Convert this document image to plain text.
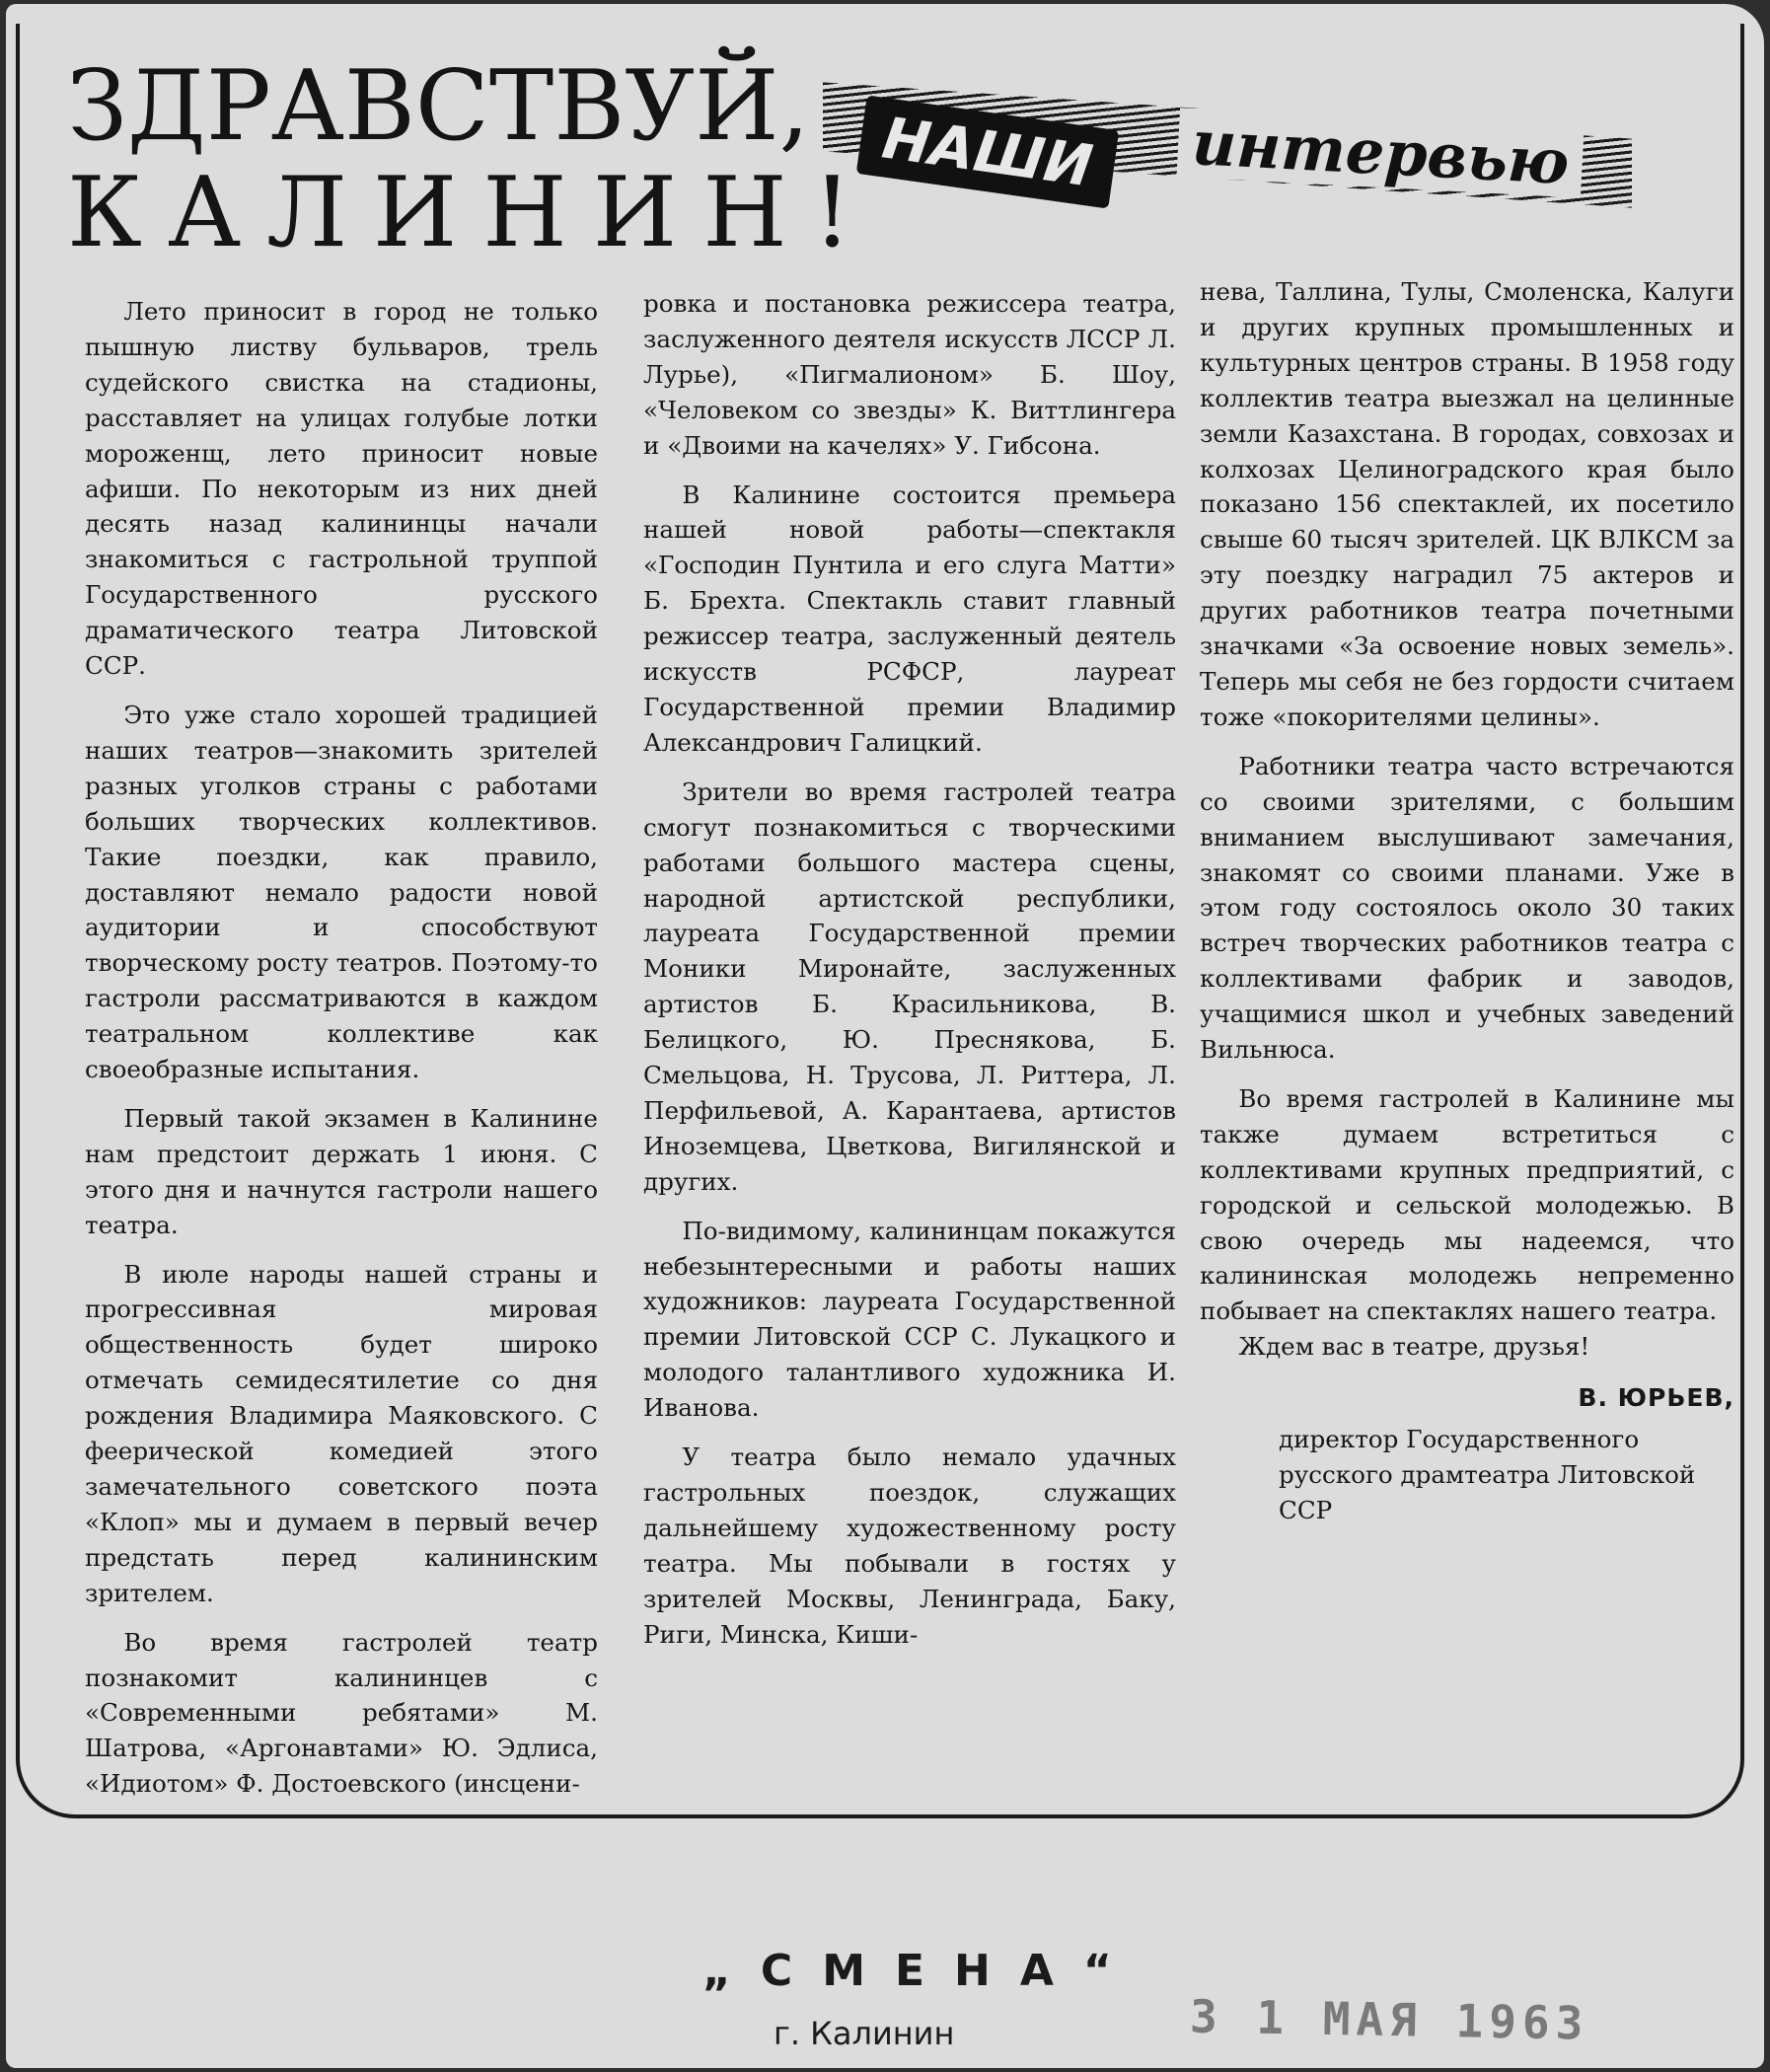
ЗДРАВСТВУЙ,
КАЛИНИН!
НАШИ	интервью

Лето приносит в город не только пышную листву бульваров, трель судейского свистка на стадионы, расставляет на улицах голубые лотки мороженщ, лето приносит новые афиши. По некоторым из них дней десять назад калининцы начали знакомиться с гастрольной труппой Государственного русского драматического театра Литовской ССР.

Это уже стало хорошей традицией наших театров—знакомить зрителей разных уголков страны с работами больших творческих коллективов. Такие поездки, как правило, доставляют немало радости новой аудитории и способствуют творческому росту театров. Поэтому-то гастроли рассматриваются в каждом театральном коллективе как своеобразные испытания.

Первый такой экзамен в Калинине нам предстоит держать 1 июня. С этого дня и начнутся гастроли нашего театра.

В июле народы нашей страны и прогрессивная мировая общественность будет широко отмечать семидесятилетие со дня рождения Владимира Маяковского. С феерической комедией этого замечательного советского поэта «Клоп» мы и думаем в первый вечер предстать перед калининским зрителем.

Во время гастролей театр познакомит калининцев с «Современными ребятами» М. Шатрова, «Аргонавтами» Ю. Эдлиса, «Идиотом» Ф. Достоевского (инсцени-

ровка и постановка режиссера театра, заслуженного деятеля искусств ЛССР Л. Лурье), «Пигмалионом» Б. Шоу, «Человеком со звезды» К. Виттлингера и «Двоими на качелях» У. Гибсона.

В Калинине состоится премьера нашей новой работы—спектакля «Господин Пунтила и его слуга Матти» Б. Брехта. Спектакль ставит главный режиссер театра, заслуженный деятель искусств РСФСР, лауреат Государственной премии Владимир Александрович Галицкий.

Зрители во время гастролей театра смогут познакомиться с творческими работами большого мастера сцены, народной артистской республики, лауреата Государственной премии Моники Миронайте, заслуженных артистов Б. Красильникова, В. Белицкого, Ю. Преснякова, Б. Смельцова, Н. Трусова, Л. Риттера, Л. Перфильевой, А. Карантаева, артистов Иноземцева, Цветкова, Вигилянской и других.

По-видимому, калининцам покажутся небезынтересными и работы наших художников: лауреата Государственной премии Литовской ССР С. Лукацкого и молодого талантливого художника И. Иванова.

У театра было немало удачных гастрольных поездок, служащих дальнейшему художественному росту театра. Мы побывали в гостях у зрителей Москвы, Ленинграда, Баку, Риги, Минска, Киши-

нева, Таллина, Тулы, Смоленска, Калуги и других крупных промышленных и культурных центров страны. В 1958 году коллектив театра выезжал на целинные земли Казахстана. В городах, совхозах и колхозах Целиноградского края было показано 156 спектаклей, их посетило свыше 60 тысяч зрителей. ЦК ВЛКСМ за эту поездку наградил 75 актеров и других работников театра почетными значками «За освоение новых земель». Теперь мы себя не без гордости считаем тоже «покорителями целины».

Работники театра часто встречаются со своими зрителями, с большим вниманием выслушивают замечания, знакомят со своими планами. Уже в этом году состоялось около 30 таких встреч творческих работников театра с коллективами фабрик и заводов, учащимися школ и учебных заведений Вильнюса.

Во время гастролей в Калинине мы также думаем встретиться с коллективами крупных предприятий, с городской и сельской молодежью. В свою очередь мы надеемся, что калининская молодежь непременно побывает на спектаклях нашего театра.

Ждем вас в театре, друзья!

В. ЮРЬЕВ,

директор Государственного русского драмтеатра Литовской ССР

„СМЕНА“
г. Калинин	3 1 МАЯ 1963
